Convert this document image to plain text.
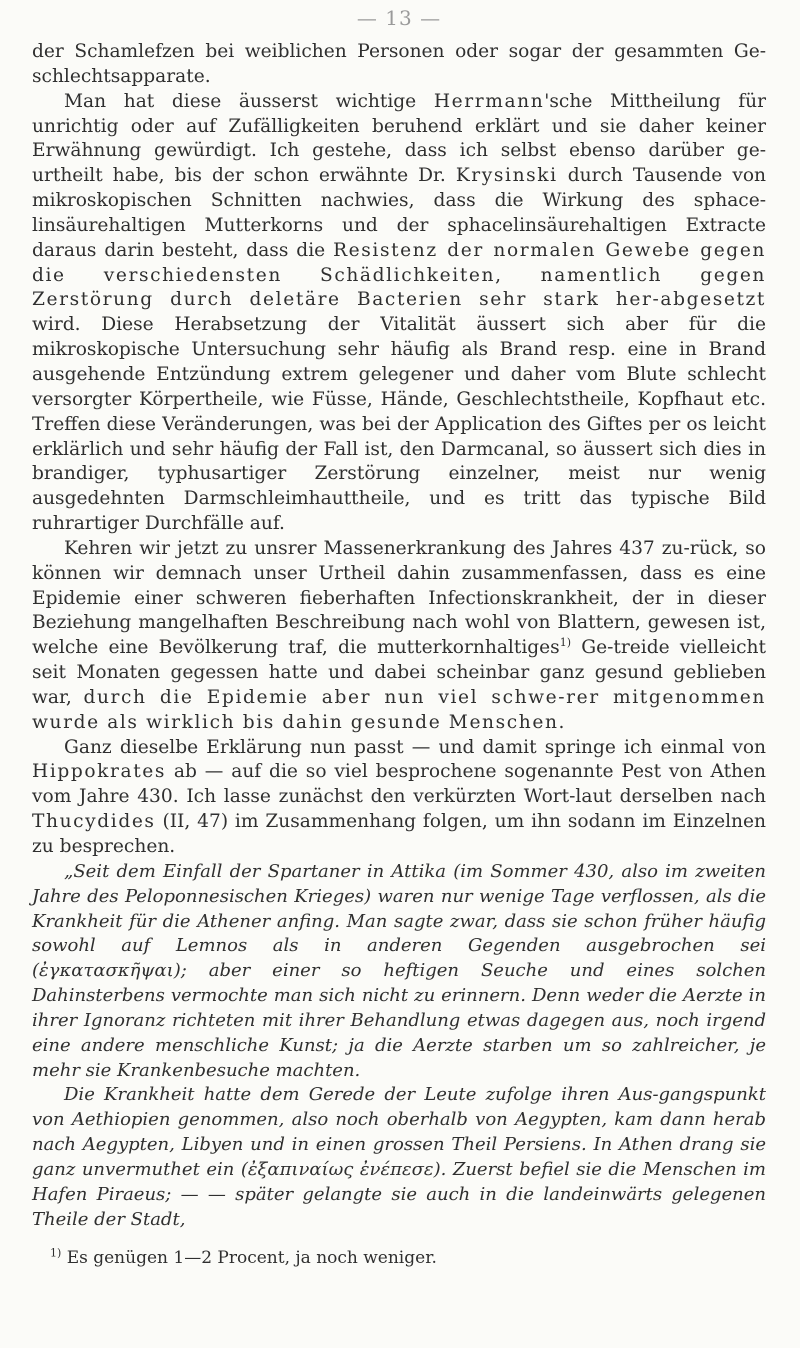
— 13 —

der Schamlefzen bei weiblichen Personen oder sogar der gesammten Ge-schlechtsapparate.

Man hat diese äusserst wichtige Herrmann'sche Mittheilung für unrichtig oder auf Zufälligkeiten beruhend erklärt und sie daher keiner Erwähnung gewürdigt. Ich gestehe, dass ich selbst ebenso darüber ge-urtheilt habe, bis der schon erwähnte Dr. Krysinski durch Tausende von mikroskopischen Schnitten nachwies, dass die Wirkung des sphace-linsäurehaltigen Mutterkorns und der sphacelinsäurehaltigen Extracte daraus darin besteht, dass die Resistenz der normalen Gewebe gegen die verschiedensten Schädlichkeiten, namentlich gegen Zerstörung durch deletäre Bacterien sehr stark her-abgesetzt wird. Diese Herabsetzung der Vitalität äussert sich aber für die mikroskopische Untersuchung sehr häufig als Brand resp. eine in Brand ausgehende Entzündung extrem gelegener und daher vom Blute schlecht versorgter Körpertheile, wie Füsse, Hände, Geschlechtstheile, Kopfhaut etc. Treffen diese Veränderungen, was bei der Application des Giftes per os leicht erklärlich und sehr häufig der Fall ist, den Darmcanal, so äussert sich dies in brandiger, typhusartiger Zerstörung einzelner, meist nur wenig ausgedehnten Darmschleimhauttheile, und es tritt das typische Bild ruhrartiger Durchfälle auf.

Kehren wir jetzt zu unsrer Massenerkrankung des Jahres 437 zu-rück, so können wir demnach unser Urtheil dahin zusammenfassen, dass es eine Epidemie einer schweren fieberhaften Infectionskrankheit, der in dieser Beziehung mangelhaften Beschreibung nach wohl von Blattern, gewesen ist, welche eine Bevölkerung traf, die mutterkornhaltiges$^{1)}$ Ge-treide vielleicht seit Monaten gegessen hatte und dabei scheinbar ganz gesund geblieben war, durch die Epidemie aber nun viel schwe-rer mitgenommen wurde als wirklich bis dahin gesunde Menschen.

Ganz dieselbe Erklärung nun passt — und damit springe ich einmal von Hippokrates ab — auf die so viel besprochene sogenannte Pest von Athen vom Jahre 430. Ich lasse zunächst den verkürzten Wort-laut derselben nach Thucydides (II, 47) im Zusammenhang folgen, um ihn sodann im Einzelnen zu besprechen.

„Seit dem Einfall der Spartaner in Attika (im Sommer 430, also im zweiten Jahre des Peloponnesischen Krieges) waren nur wenige Tage verflossen, als die Krankheit für die Athener anfing. Man sagte zwar, dass sie schon früher häufig sowohl auf Lemnos als in anderen Gegenden ausgebrochen sei (ἐγκατασκῆψαι); aber einer so heftigen Seuche und eines solchen Dahinsterbens vermochte man sich nicht zu erinnern. Denn weder die Aerzte in ihrer Ignoranz richteten mit ihrer Behandlung etwas dagegen aus, noch irgend eine andere menschliche Kunst; ja die Aerzte starben um so zahlreicher, je mehr sie Krankenbesuche machten.

Die Krankheit hatte dem Gerede der Leute zufolge ihren Aus-gangspunkt von Aethiopien genommen, also noch oberhalb von Aegypten, kam dann herab nach Aegypten, Libyen und in einen grossen Theil Persiens. In Athen drang sie ganz unvermuthet ein (ἐξαπιναίως ἐνέπεσε). Zuerst befiel sie die Menschen im Hafen Piraeus; — — später gelangte sie auch in die landeinwärts gelegenen Theile der Stadt,

$^{1)}$ Es genügen 1—2 Procent, ja noch weniger.
